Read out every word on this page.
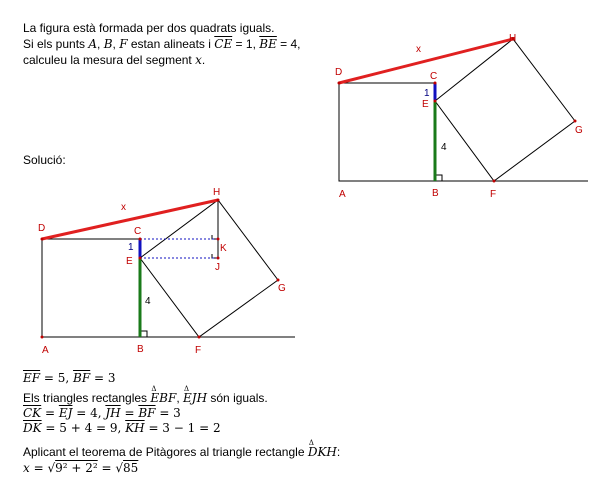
La figura està formada per dos quadrats iguals.
Si els punts A, B, F estan alineats i $\overline{CE} = 1$, $\overline{BE} = 4$,
calculeu la mesura del segment x.
Solució:
D
H
G
C
E
A	B	F
x
1
4
D
H
G
C
E
K
J
A	B	F
x
1
4
$\overline{EF} = 5$, $\overline{BF} = 3$
Els triangles rectangles Δ EBF, Δ EJH són iguals.
$\overline{CK} = \overline{EJ} = 4$, $\overline{JH} = \overline{BF} = 3$
$\overline{DK} = 5 + 4 = 9$, $\overline{KH} = 3 - 1 = 2$
Aplicant el teorema de Pitàgores al triangle rectangle Δ DKH:
x = √9² + 2² = √85
